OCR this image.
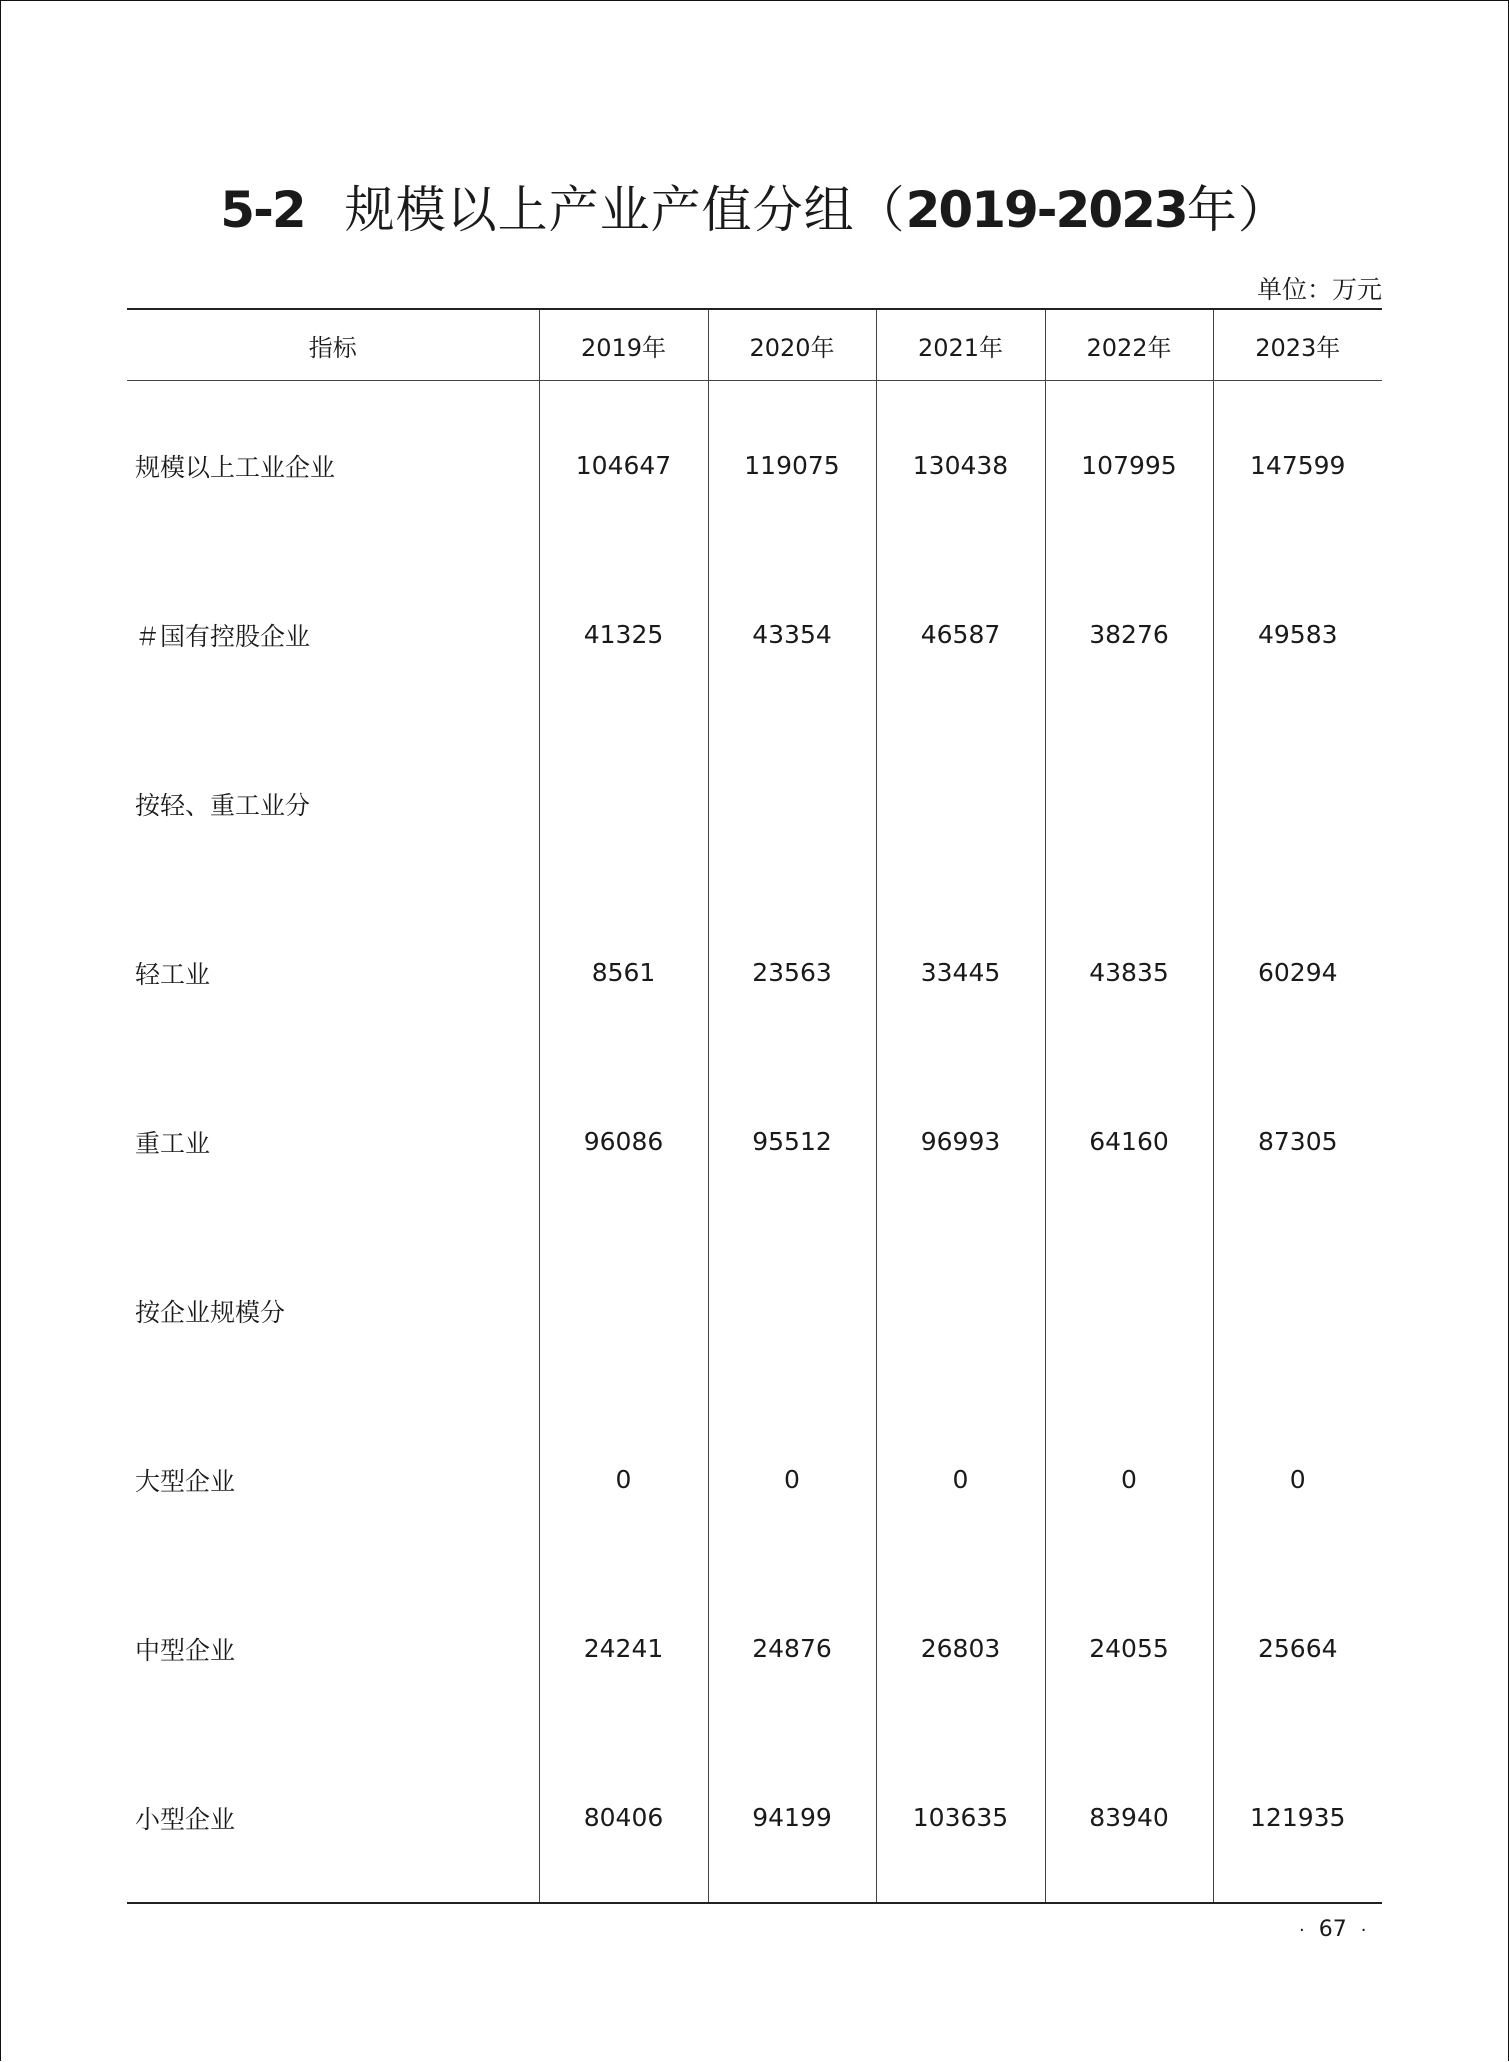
5-2 规模以上产业产值分组（2019-2023年）
单位：万元
指标	2019年	2020年	2021年	2022年	2023年
规模以上工业企业	104647	119075	130438	107995	147599
＃国有控股企业	41325	43354	46587	38276	49583
按轻、重工业分					
轻工业	8561	23563	33445	43835	60294
重工业	96086	95512	96993	64160	87305
按企业规模分					
大型企业	0	0	0	0	0
中型企业	24241	24876	26803	24055	25664
小型企业	80406	94199	103635	83940	121935
· 67 ·
